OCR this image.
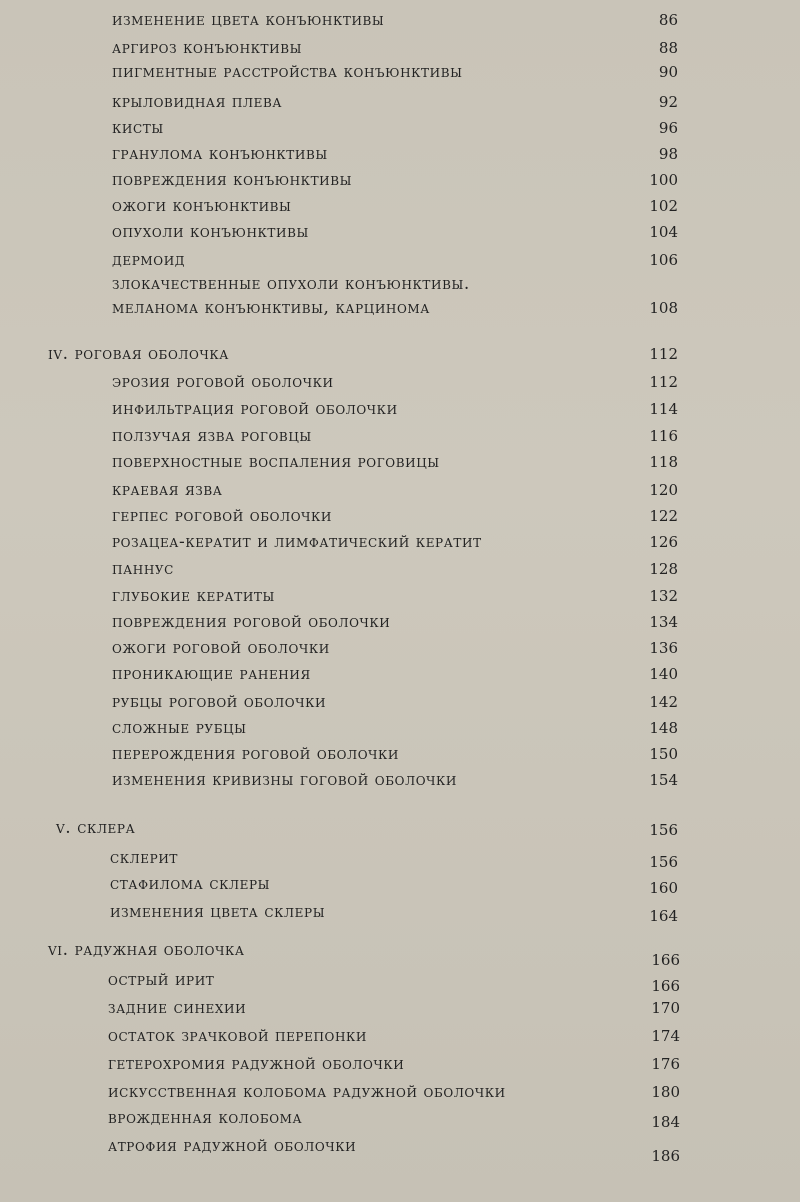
изменение цвета конъюнктивы	86
аргироз конъюнктивы	88
пигментные расстройства конъюнктивы	90
крыловидная плева	92
кисты	96
гранулома конъюнктивы	98
повреждения конъюнктивы	100
ожоги конъюнктивы	102
опухоли конъюнктивы	104
дермоид	106
злокачественные опухоли конъюнктивы.
меланома конъюнктивы, карцинома	108
iv. роговая оболочка	112
эрозия роговой оболочки	112
инфильтрация роговой оболочки	114
ползучая язва роговцы	116
поверхностные воспаления роговицы	118
краевая язва	120
герпес роговой оболочки	122
розацеа-кератит и лимфатический кератит	126
паннус	128
глубокие кератиты	132
повреждения роговой оболочки	134
ожоги роговой оболочки	136
проникающие ранения	140
рубцы роговой оболочки	142
сложные рубцы	148
перерождения роговой оболочки	150
изменения кривизны гоговой оболочки	154
v. склера	156
склерит	156
стафилома склеры	160
изменения цвета склеры	164
vi. радужная оболочка	166
острый ирит	166
задние синехии	170
остаток зрачковой перепонки	174
гетерохромия радужной оболочки	176
искусственная колобома радужной оболочки	180
врожденная колобома	184
атрофия радужной оболочки	186
